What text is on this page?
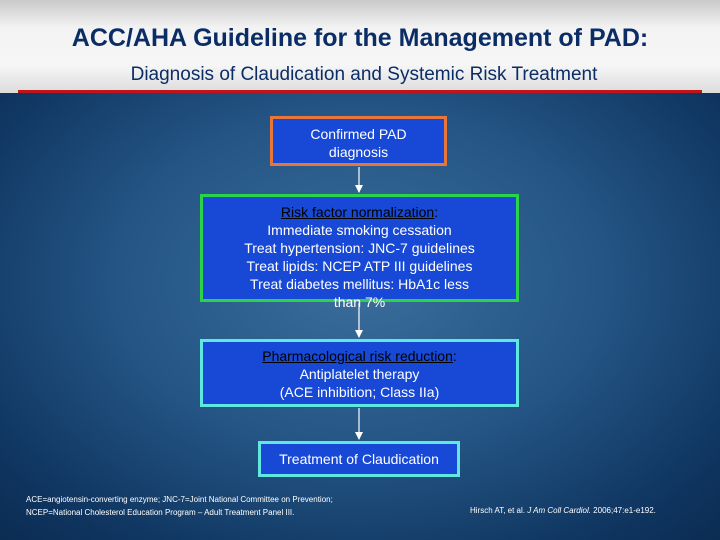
ACC/AHA Guideline for the Management of PAD:
Diagnosis of Claudication and Systemic Risk Treatment
Confirmed PAD
diagnosis
Risk factor normalization:
Immediate smoking cessation
Treat hypertension: JNC-7 guidelines
Treat lipids: NCEP ATP III guidelines
Treat diabetes mellitus: HbA1c less
than 7%
Pharmacological risk reduction:
Antiplatelet therapy
(ACE inhibition; Class IIa)
Treatment of Claudication
ACE=angiotensin-converting enzyme; JNC-7=Joint National Committee on Prevention;
NCEP=National Cholesterol Education Program – Adult Treatment Panel III.	Hirsch AT, et al. J Am Coll Cardiol. 2006;47:e1-e192.
